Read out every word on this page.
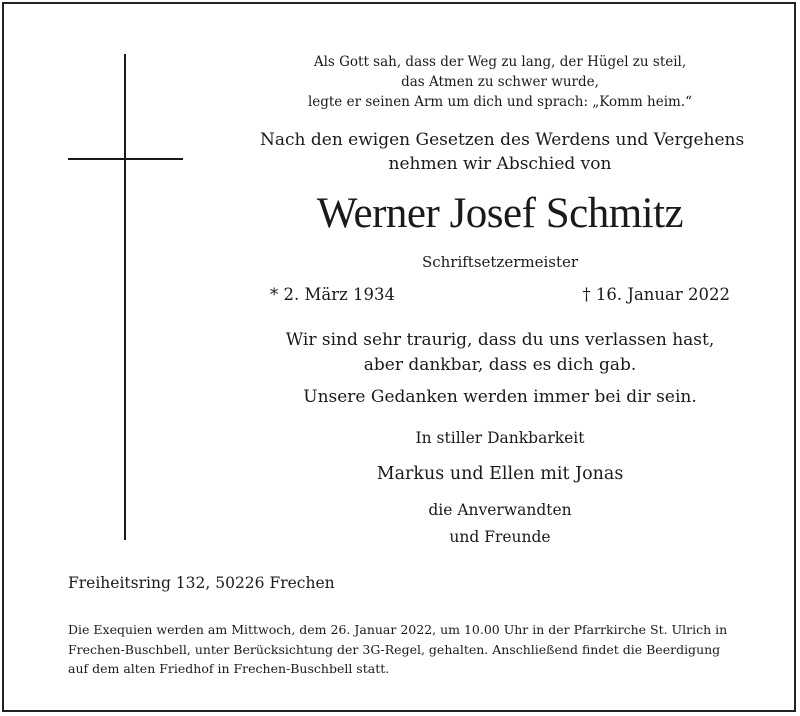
Als Gott sah, dass der Weg zu lang, der Hügel zu steil,
das Atmen zu schwer wurde,
legte er seinen Arm um dich und sprach: „Komm heim.“
Nach den ewigen Gesetzen des Werdens und Vergehens
nehmen wir Abschied von
Werner Josef Schmitz
Schriftsetzermeister
* 2. März 1934	† 16. Januar 2022
Wir sind sehr traurig, dass du uns verlassen hast,
aber dankbar, dass es dich gab.
Unsere Gedanken werden immer bei dir sein.
In stiller Dankbarkeit
Markus und Ellen mit Jonas
die Anverwandten
und Freunde
Freiheitsring 132, 50226 Frechen
Die Exequien werden am Mittwoch, dem 26. Januar 2022, um 10.00 Uhr in der Pfarrkirche St. Ulrich in
Frechen-Buschbell, unter Berücksichtung der 3G-Regel, gehalten. Anschließend findet die Beerdigung
auf dem alten Friedhof in Frechen-Buschbell statt.
